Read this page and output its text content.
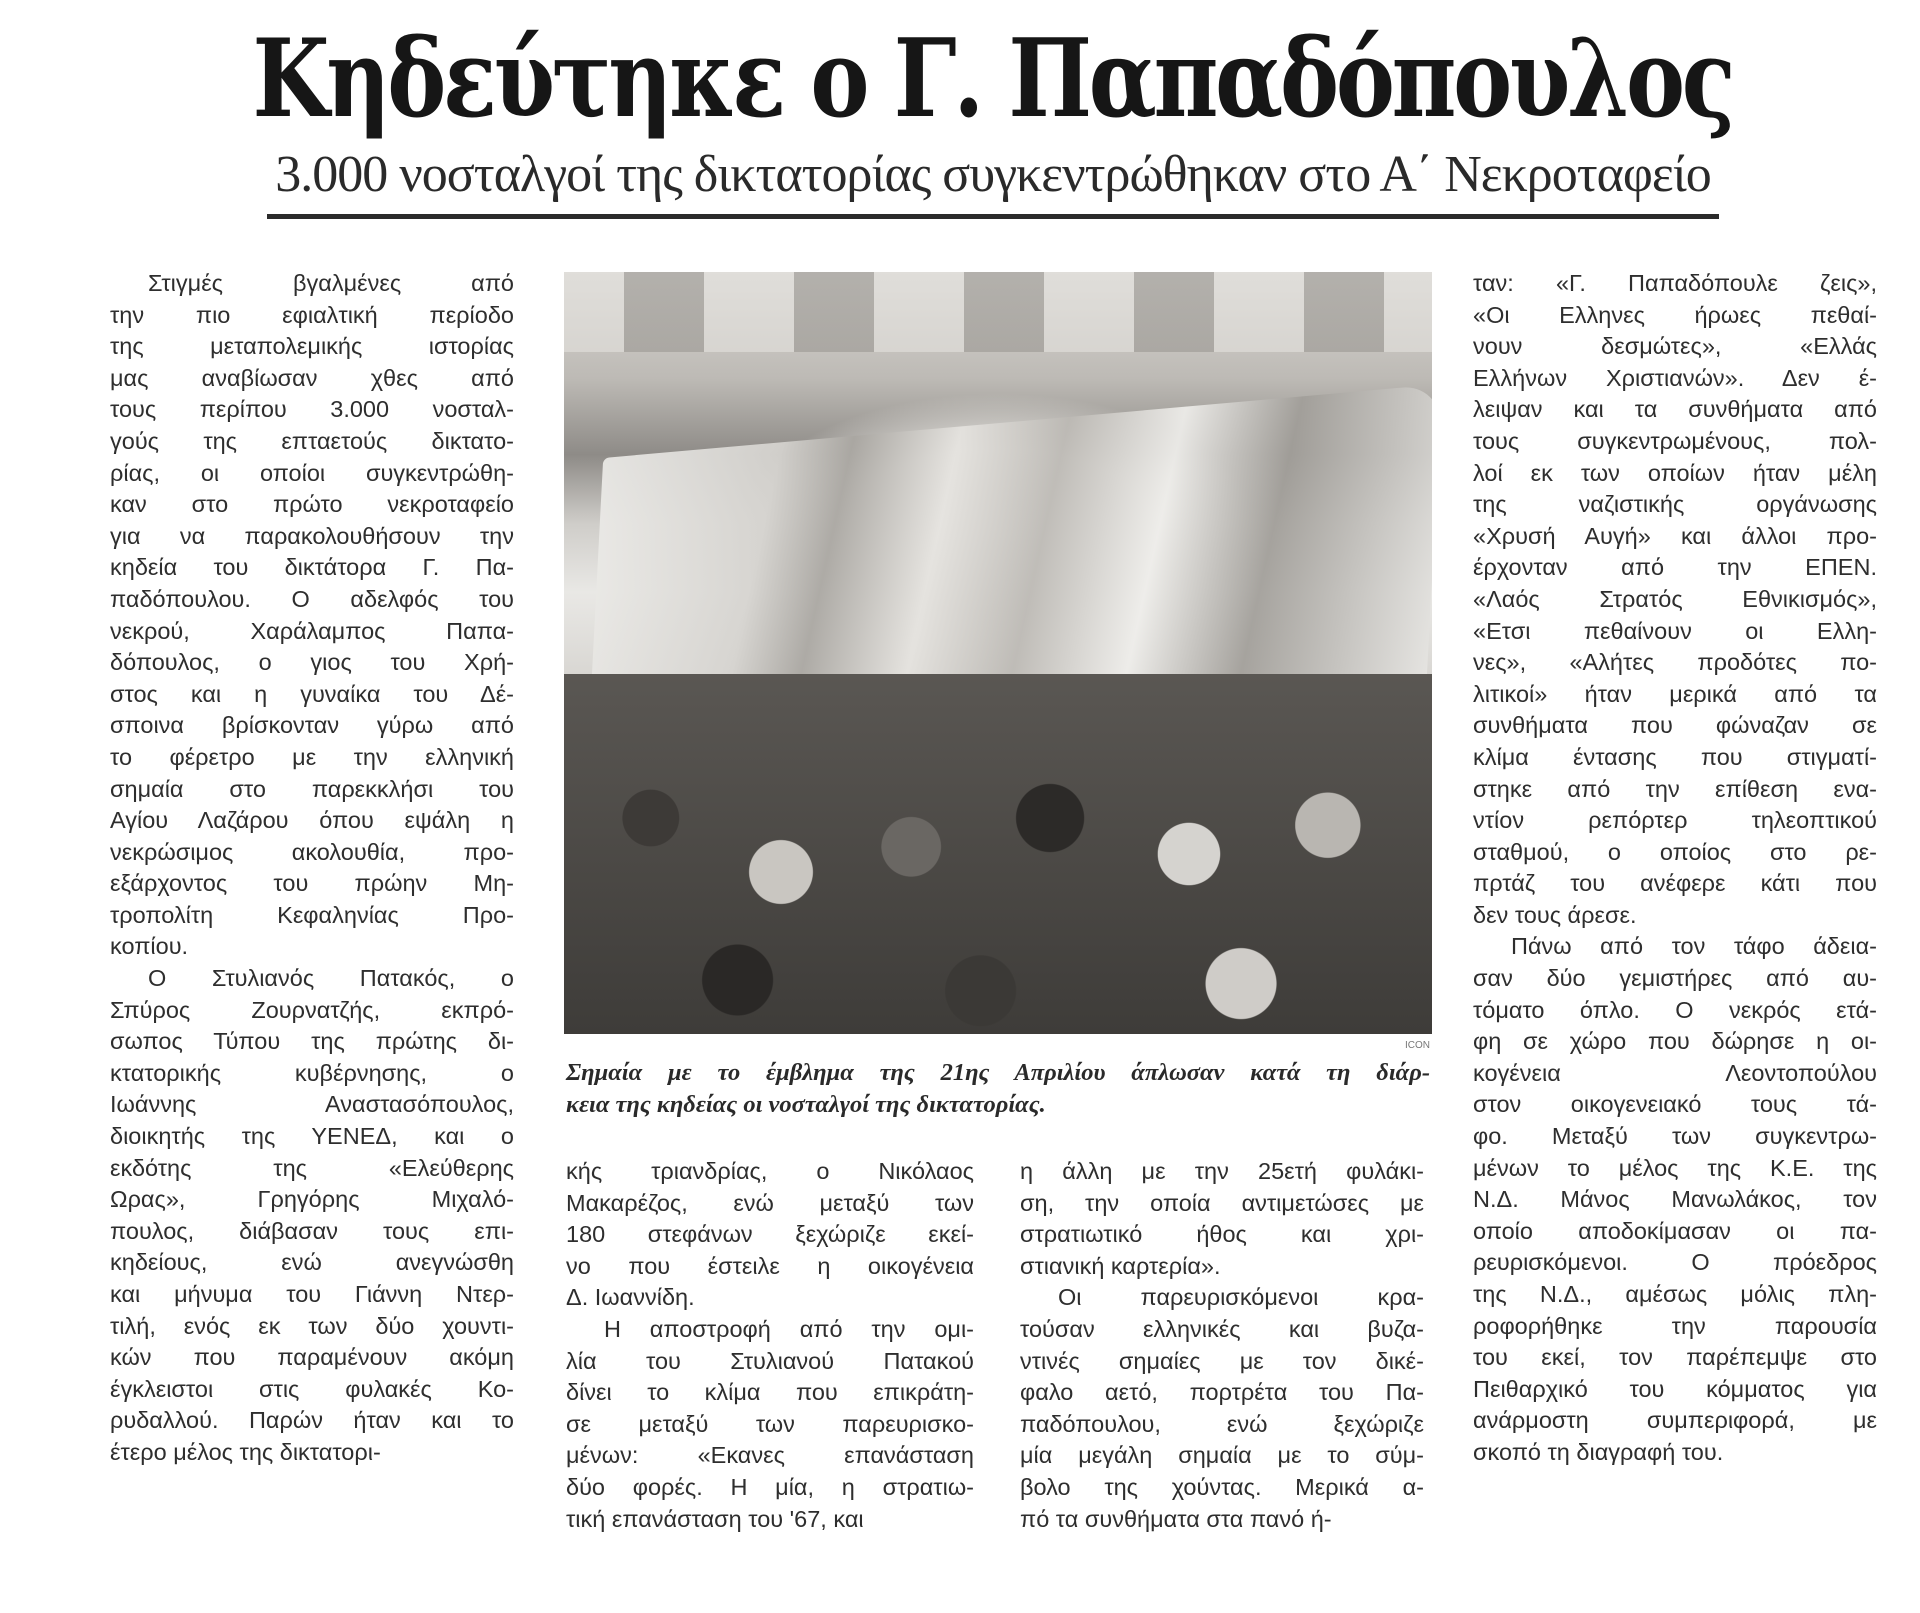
Κηδεύτηκε ο Γ. Παπαδόπουλος
3.000 νοσταλγοί της δικτατορίας συγκεντρώθηκαν στο Α΄ Νεκροταφείο
Στιγμές βγαλμένες από
την πιο εφιαλτική περίοδο
της μεταπολεμικής ιστορίας
μας αναβίωσαν χθες από
τους περίπου 3.000 νοσταλ-
γούς της επταετούς δικτατο-
ρίας, οι οποίοι συγκεντρώθη-
καν στο πρώτο νεκροταφείο
για να παρακολουθήσουν την
κηδεία του δικτάτορα Γ. Πα-
παδόπουλου. Ο αδελφός του
νεκρού, Χαράλαμπος Παπα-
δόπουλος, ο γιος του Χρή-
στος και η γυναίκα του Δέ-
σποινα βρίσκονταν γύρω από
το φέρετρο με την ελληνική
σημαία στο παρεκκλήσι του
Αγίου Λαζάρου όπου εψάλη η
νεκρώσιμος ακολουθία, προ-
εξάρχοντος του πρώην Μη-
τροπολίτη Κεφαληνίας Προ-
κοπίου.
Ο Στυλιανός Πατακός, ο
Σπύρος Ζουρνατζής, εκπρό-
σωπος Τύπου της πρώτης δι-
κτατορικής κυβέρνησης, ο
Ιωάννης Αναστασόπουλος,
διοικητής της ΥΕΝΕΔ, και ο
εκδότης της «Ελεύθερης
Ωρας», Γρηγόρης Μιχαλό-
πουλος, διάβασαν τους επι-
κηδείους, ενώ ανεγνώσθη
και μήνυμα του Γιάννη Ντερ-
τιλή, ενός εκ των δύο χουντι-
κών που παραμένουν ακόμη
έγκλειστοι στις φυλακές Κο-
ρυδαλλού. Παρών ήταν και το
έτερο μέλος της δικτατορι-
ICON
Σημαία με το έμβλημα της 21ης Απριλίου άπλωσαν κατά τη διάρ-
κεια της κηδείας οι νοσταλγοί της δικτατορίας.
κής τριανδρίας, ο Νικόλαος
Μακαρέζος, ενώ μεταξύ των
180 στεφάνων ξεχώριζε εκεί-
νο που έστειλε η οικογένεια
Δ. Ιωαννίδη.
Η αποστροφή από την ομι-
λία του Στυλιανού Πατακού
δίνει το κλίμα που επικράτη-
σε μεταξύ των παρευρισκο-
μένων: «Εκανες επανάσταση
δύο φορές. Η μία, η στρατιω-
τική επανάσταση του '67, και
η άλλη με την 25ετή φυλάκι-
ση, την οποία αντιμετώσες με
στρατιωτικό ήθος και χρι-
στιανική καρτερία».
Οι παρευρισκόμενοι κρα-
τούσαν ελληνικές και βυζα-
ντινές σημαίες με τον δικέ-
φαλο αετό, πορτρέτα του Πα-
παδόπουλου, ενώ ξεχώριζε
μία μεγάλη σημαία με το σύμ-
βολο της χούντας. Μερικά α-
πό τα συνθήματα στα πανό ή-
ταν: «Γ. Παπαδόπουλε ζεις»,
«Οι Ελληνες ήρωες πεθαί-
νουν δεσμώτες», «Ελλάς
Ελλήνων Χριστιανών». Δεν έ-
λειψαν και τα συνθήματα από
τους συγκεντρωμένους, πολ-
λοί εκ των οποίων ήταν μέλη
της ναζιστικής οργάνωσης
«Χρυσή Αυγή» και άλλοι προ-
έρχονταν από την ΕΠΕΝ.
«Λαός Στρατός Εθνικισμός»,
«Ετσι πεθαίνουν οι Ελλη-
νες», «Αλήτες προδότες πο-
λιτικοί» ήταν μερικά από τα
συνθήματα που φώναζαν σε
κλίμα έντασης που στιγματί-
στηκε από την επίθεση ενα-
ντίον ρεπόρτερ τηλεοπτικού
σταθμού, ο οποίος στο ρε-
πρτάζ του ανέφερε κάτι που
δεν τους άρεσε.
Πάνω από τον τάφο άδεια-
σαν δύο γεμιστήρες από αυ-
τόματο όπλο. Ο νεκρός ετά-
φη σε χώρο που δώρησε η οι-
κογένεια Λεοντοπούλου
στον οικογενειακό τους τά-
φο. Μεταξύ των συγκεντρω-
μένων το μέλος της Κ.Ε. της
Ν.Δ. Μάνος Μανωλάκος, τον
οποίο αποδοκίμασαν οι πα-
ρευρισκόμενοι. Ο πρόεδρος
της Ν.Δ., αμέσως μόλις πλη-
ροφορήθηκε την παρουσία
του εκεί, τον παρέπεμψε στο
Πειθαρχικό του κόμματος για
ανάρμοστη συμπεριφορά, με
σκοπό τη διαγραφή του.
